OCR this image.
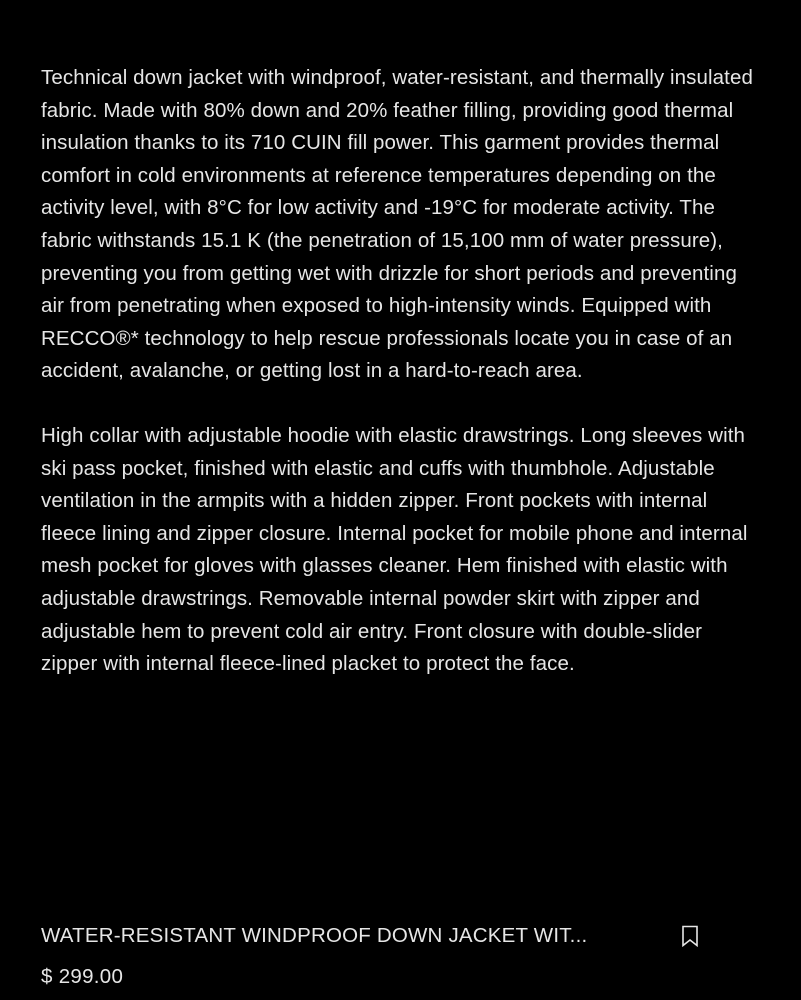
Technical down jacket with windproof, water-resistant, and thermally insulated fabric. Made with 80% down and 20% feather filling, providing good thermal insulation thanks to its 710 CUIN fill power. This garment provides thermal comfort in cold environments at reference temperatures depending on the activity level, with 8°C for low activity and -19°C for moderate activity. The fabric withstands 15.1 K (the penetration of 15,100 mm of water pressure), preventing you from getting wet with drizzle for short periods and preventing air from penetrating when exposed to high-intensity winds. Equipped with RECCO®* technology to help rescue professionals locate you in case of an accident, avalanche, or getting lost in a hard-to-reach area.

High collar with adjustable hoodie with elastic drawstrings. Long sleeves with ski pass pocket, finished with elastic and cuffs with thumbhole. Adjustable ventilation in the armpits with a hidden zipper. Front pockets with internal fleece lining and zipper closure. Internal pocket for mobile phone and internal mesh pocket for gloves with glasses cleaner. Hem finished with elastic with adjustable drawstrings. Removable internal powder skirt with zipper and adjustable hem to prevent cold air entry. Front closure with double-slider zipper with internal fleece-lined placket to protect the face.

WATER-RESISTANT WINDPROOF DOWN JACKET WIT...
$ 299.00
